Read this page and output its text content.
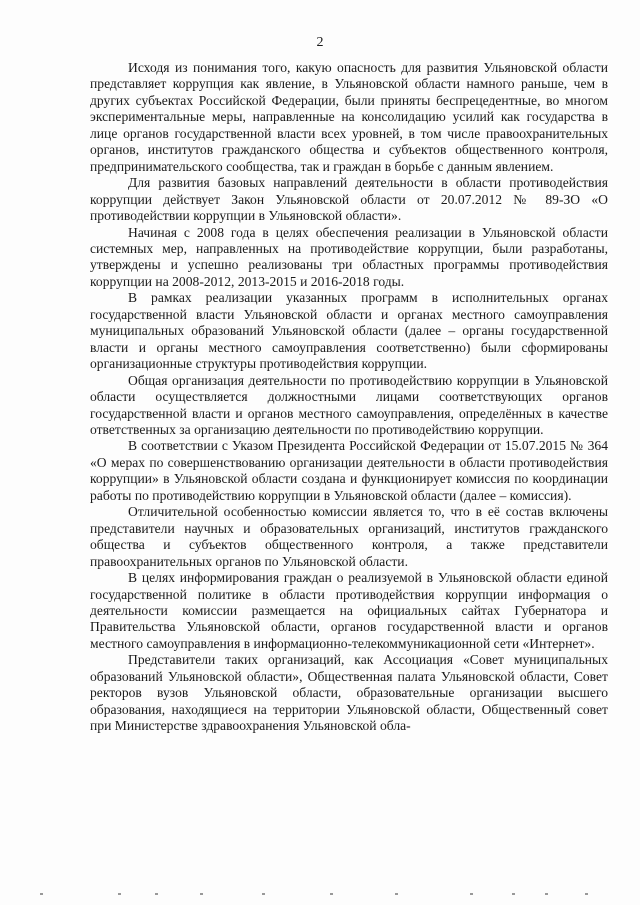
2

Исходя из понимания того, какую опасность для развития Ульяновской области представляет коррупция как явление, в Ульяновской области намного раньше, чем в других субъектах Российской Федерации, были приняты беспрецедентные, во многом экспериментальные меры, направленные на консолидацию усилий как государства в лице органов государственной власти всех уровней, в том числе правоохранительных органов, институтов гражданского общества и субъектов общественного контроля, предпринимательского сообщества, так и граждан в борьбе с данным явлением.

Для развития базовых направлений деятельности в области противодействия коррупции действует Закон Ульяновской области от 20.07.2012 № 89-ЗО «О противодействии коррупции в Ульяновской области».

Начиная с 2008 года в целях обеспечения реализации в Ульяновской области системных мер, направленных на противодействие коррупции, были разработаны, утверждены и успешно реализованы три областных программы противодействия коррупции на 2008-2012, 2013-2015 и 2016-2018 годы.

В рамках реализации указанных программ в исполнительных органах государственной власти Ульяновской области и органах местного самоуправления муниципальных образований Ульяновской области (далее – органы государственной власти и органы местного самоуправления соответственно) были сформированы организационные структуры противодействия коррупции.

Общая организация деятельности по противодействию коррупции в Ульяновской области осуществляется должностными лицами соответствующих органов государственной власти и органов местного самоуправления, определённых в качестве ответственных за организацию деятельности по противодействию коррупции.

В соответствии с Указом Президента Российской Федерации от 15.07.2015 № 364 «О мерах по совершенствованию организации деятельности в области противодействия коррупции» в Ульяновской области создана и функционирует комиссия по координации работы по противодействию коррупции в Ульяновской области (далее – комиссия).

Отличительной особенностью комиссии является то, что в её состав включены представители научных и образовательных организаций, институтов гражданского общества и субъектов общественного контроля, а также представители правоохранительных органов по Ульяновской области.

В целях информирования граждан о реализуемой в Ульяновской области единой государственной политике в области противодействия коррупции информация о деятельности комиссии размещается на официальных сайтах Губернатора и Правительства Ульяновской области, органов государственной власти и органов местного самоуправления в информационно-телекоммуникационной сети «Интернет».

Представители таких организаций, как Ассоциация «Совет муниципальных образований Ульяновской области», Общественная палата Ульяновской области, Совет ректоров вузов Ульяновской области, образовательные организации высшего образования, находящиеся на территории Ульяновской области, Общественный совет при Министерстве здравоохранения Ульяновской обла-
